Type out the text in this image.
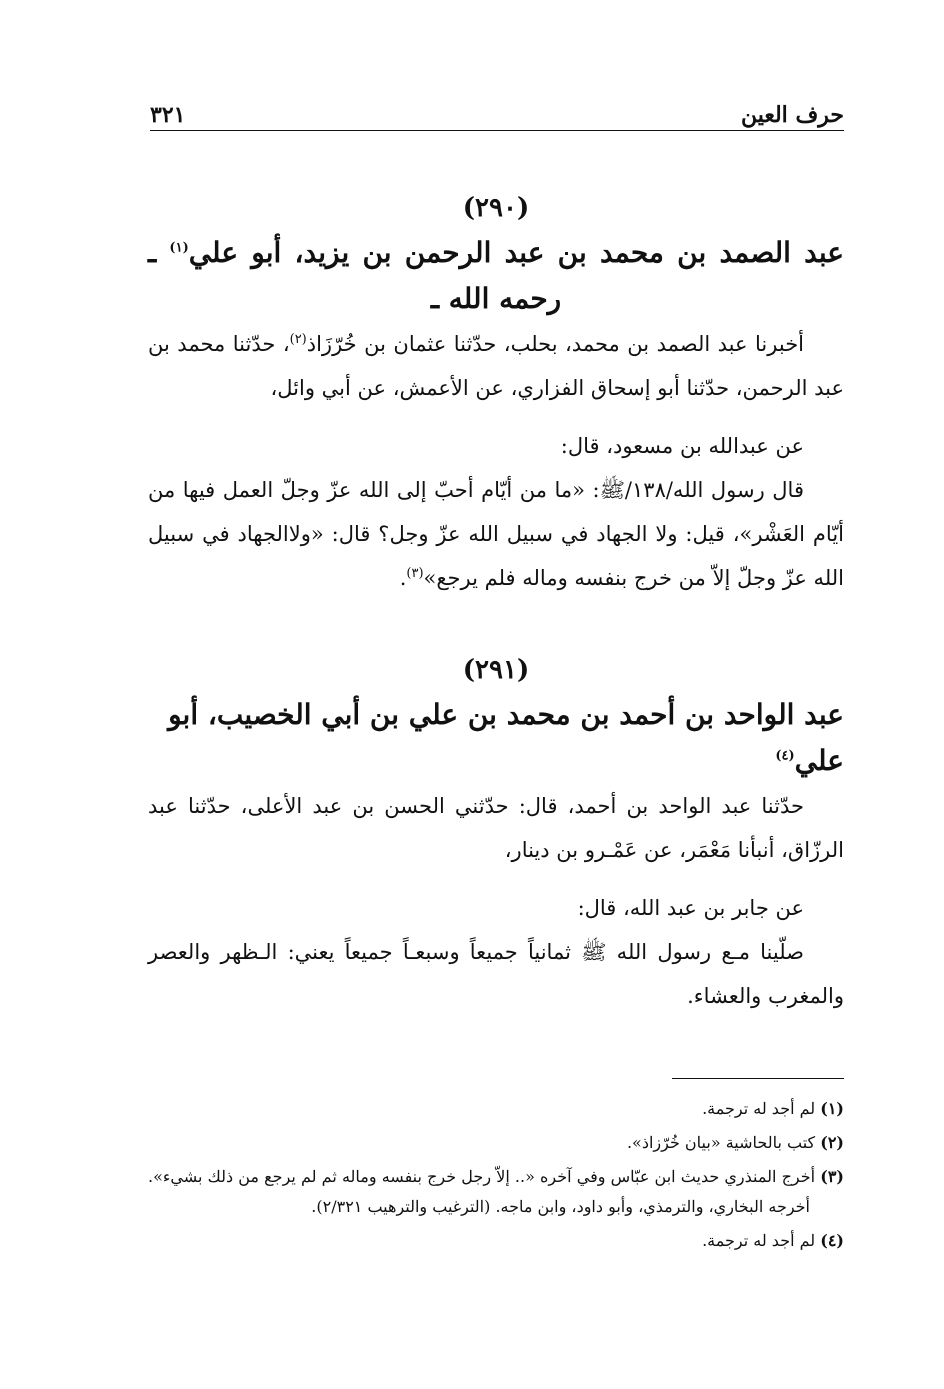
حرف العين
٣٢١
(٢٩٠)
عبد الصمد بن محمد بن عبد الرحمن بن يزيد، أبو علي$^{(١)}$ ـ رحمه الله ـ

أخبرنا عبد الصمد بن محمد، بحلب، حدّثنا عثمان بن خُرّزَاذ$^{(٢)}$، حدّثنا محمد بن عبد الرحمن، حدّثنا أبو إسحاق الفزاري، عن الأعمش، عن أبي وائل،

عن عبدالله بن مسعود، قال:

قال رسول الله/١٣٨/ﷺ: «ما من أيّام أحبّ إلى الله عزّ وجلّ العمل فيها من أيّام العَشْر»، قيل: ولا الجهاد في سبيل الله عزّ وجل؟ قال: «ولاالجهاد في سبيل الله عزّ وجلّ إلاّ من خرج بنفسه وماله فلم يرجع»$^{(٣)}$.

(٢٩١)
عبد الواحد بن أحمد بن محمد بن علي بن أبي الخصيب، أبو علي$^{(٤)}$

حدّثنا عبد الواحد بن أحمد، قال: حدّثني الحسن بن عبد الأعلى، حدّثنا عبد الرزّاق، أنبأنا مَعْمَر، عن عَمْـرو بن دينار،

عن جابر بن عبد الله، قال:

صلّينا مـع رسول الله ﷺ ثمانياً جميعاً وسبعـاً جميعاً يعني: الـظهر والعصر والمغرب والعشاء.

(١) لم أجد له ترجمة.

(٢) كتب بالحاشية «بيان خُرّزاذ».

(٣) أخرج المنذري حديث ابن عبّاس وفي آخره «.. إلاّ رجل خرج بنفسه وماله ثم لم يرجع من ذلك بشيء». أخرجه البخاري، والترمذي، وأبو داود، وابن ماجه. (الترغيب والترهيب ٢/٣٢١).

(٤) لم أجد له ترجمة.
